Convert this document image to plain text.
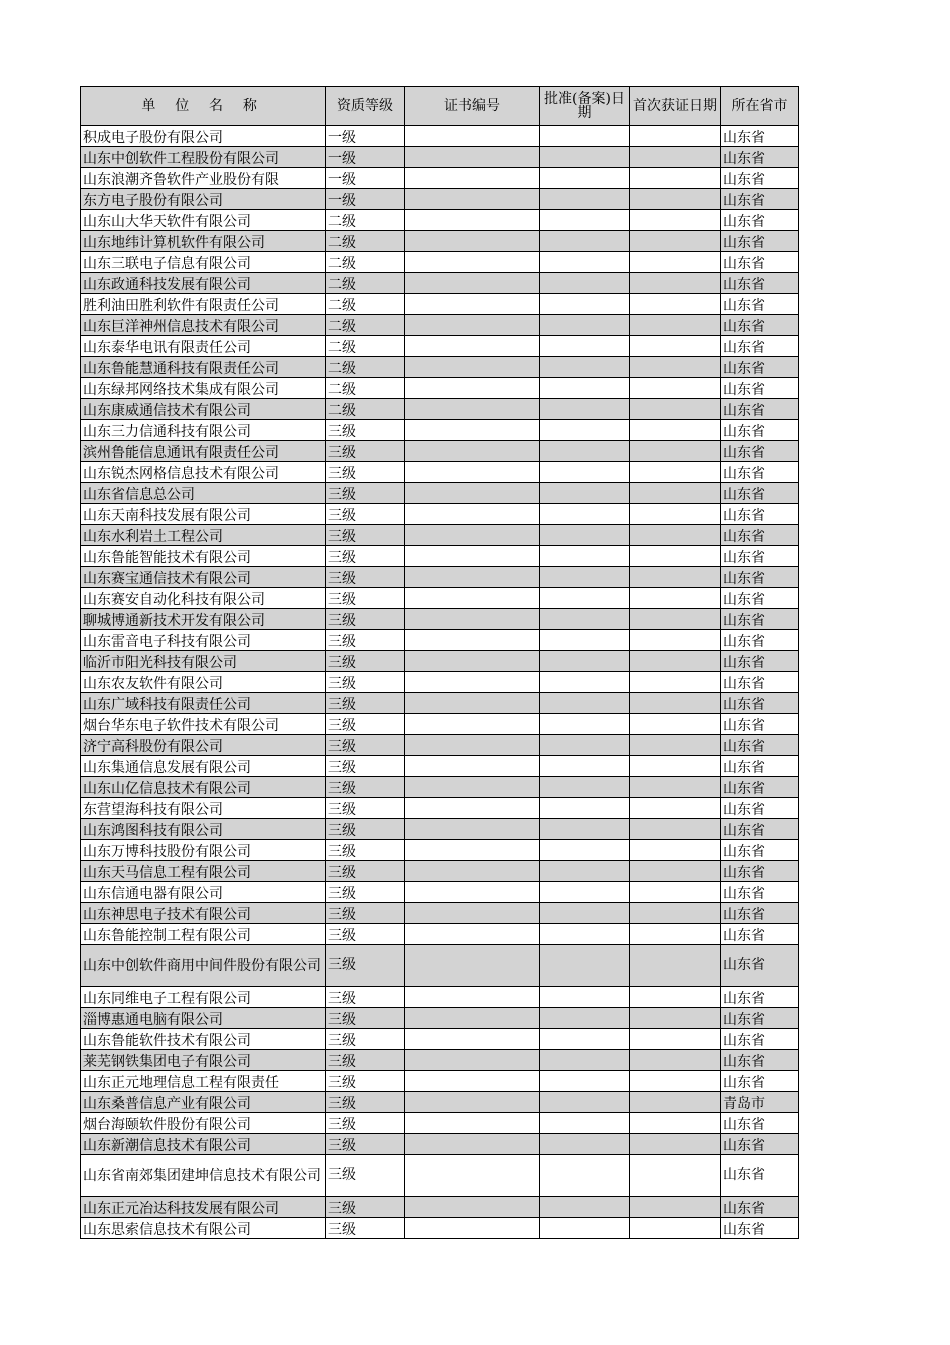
单 位 名 称	资质等级	证书编号	批准(备案)日期	首次获证日期	所在省市
积成电子股份有限公司	一级				山东省
山东中创软件工程股份有限公司	一级				山东省
山东浪潮齐鲁软件产业股份有限	一级				山东省
东方电子股份有限公司	一级				山东省
山东山大华天软件有限公司	二级				山东省
山东地纬计算机软件有限公司	二级				山东省
山东三联电子信息有限公司	二级				山东省
山东政通科技发展有限公司	二级				山东省
胜利油田胜利软件有限责任公司	二级				山东省
山东巨洋神州信息技术有限公司	二级				山东省
山东泰华电讯有限责任公司	二级				山东省
山东鲁能慧通科技有限责任公司	二级				山东省
山东绿邦网络技术集成有限公司	二级				山东省
山东康威通信技术有限公司	二级				山东省
山东三力信通科技有限公司	三级				山东省
滨州鲁能信息通讯有限责任公司	三级				山东省
山东锐杰网格信息技术有限公司	三级				山东省
山东省信息总公司	三级				山东省
山东天南科技发展有限公司	三级				山东省
山东水利岩土工程公司	三级				山东省
山东鲁能智能技术有限公司	三级				山东省
山东赛宝通信技术有限公司	三级				山东省
山东赛安自动化科技有限公司	三级				山东省
聊城博通新技术开发有限公司	三级				山东省
山东雷音电子科技有限公司	三级				山东省
临沂市阳光科技有限公司	三级				山东省
山东农友软件有限公司	三级				山东省
山东广域科技有限责任公司	三级				山东省
烟台华东电子软件技术有限公司	三级				山东省
济宁高科股份有限公司	三级				山东省
山东集通信息发展有限公司	三级				山东省
山东山亿信息技术有限公司	三级				山东省
东营望海科技有限公司	三级				山东省
山东鸿图科技有限公司	三级				山东省
山东万博科技股份有限公司	三级				山东省
山东天马信息工程有限公司	三级				山东省
山东信通电器有限公司	三级				山东省
山东神思电子技术有限公司	三级				山东省
山东鲁能控制工程有限公司	三级				山东省
山东中创软件商用中间件股份有限公司	三级				山东省
山东同维电子工程有限公司	三级				山东省
淄博惠通电脑有限公司	三级				山东省
山东鲁能软件技术有限公司	三级				山东省
莱芜钢铁集团电子有限公司	三级				山东省
山东正元地理信息工程有限责任	三级				山东省
山东桑普信息产业有限公司	三级				青岛市
烟台海颐软件股份有限公司	三级				山东省
山东新潮信息技术有限公司	三级				山东省
山东省南郊集团建坤信息技术有限公司	三级				山东省
山东正元冶达科技发展有限公司	三级				山东省
山东思索信息技术有限公司	三级				山东省
